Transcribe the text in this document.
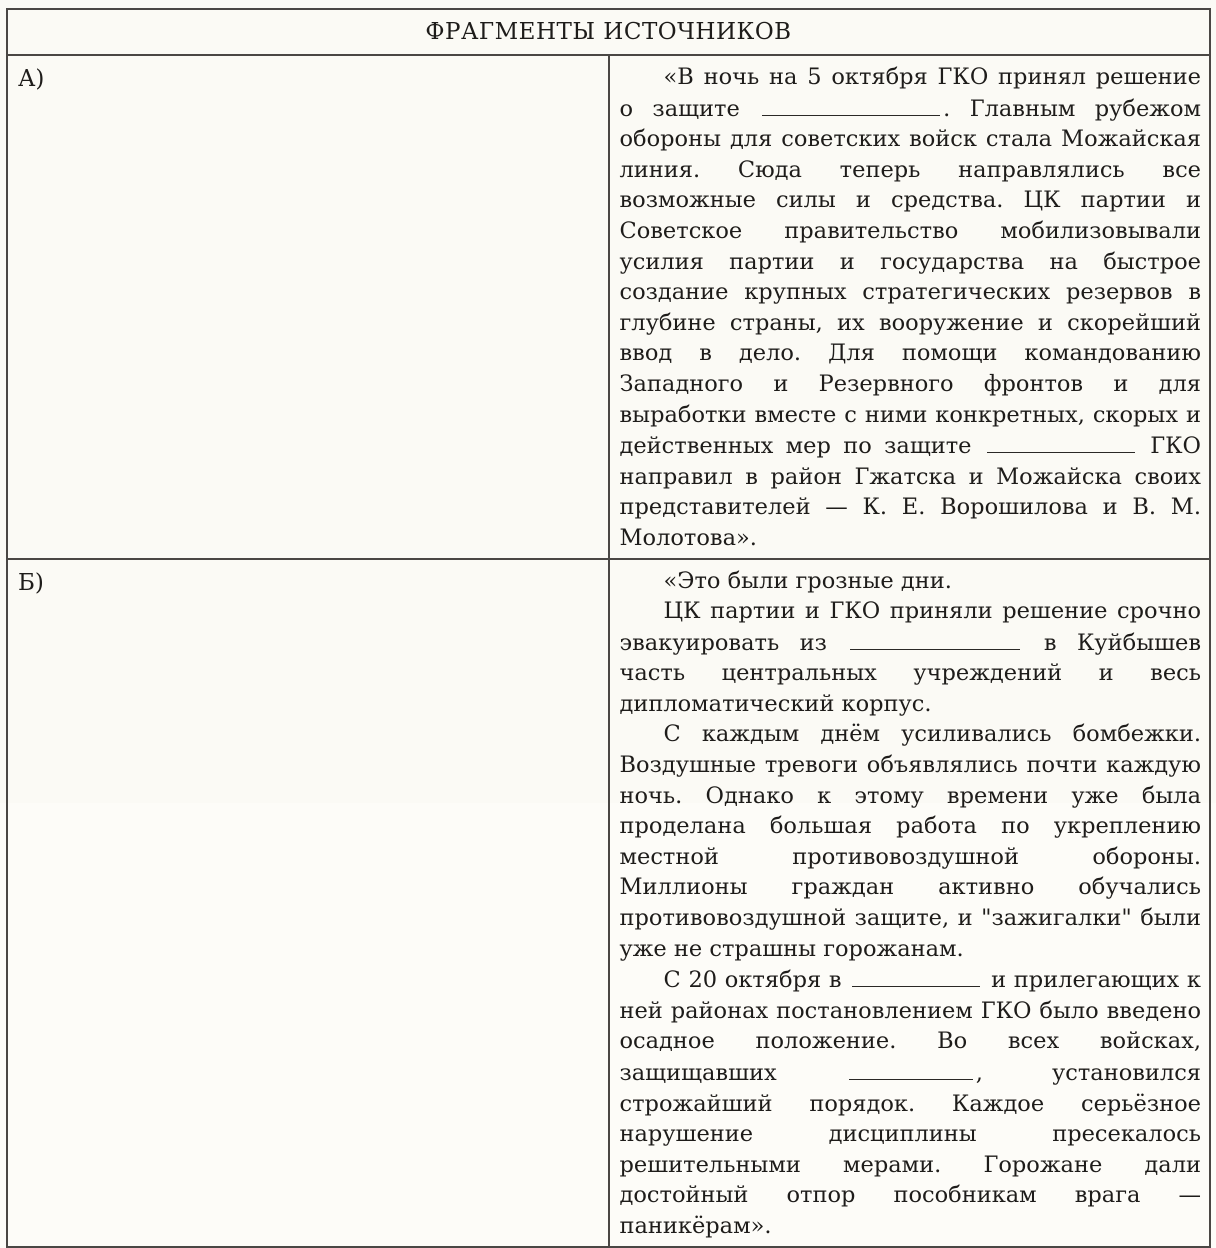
ФРАГМЕНТЫ ИСТОЧНИКОВ	
А)	«В ночь на 5 октября ГКО принял решение о защите . Главным рубежом обороны для советских войск стала Можайская линия. Сюда теперь направлялись все возможные силы и средства. ЦК партии и Советское правительство мобилизовывали усилия партии и государства на быстрое создание крупных стратегических резервов в глубине страны, их вооружение и скорейший ввод в дело. Для помощи командованию Западного и Резервного фронтов и для выработки вместе с ними конкретных, скорых и действенных мер по защите ГКО направил в район Гжатска и Можайска своих представителей — К. Е. Ворошилова и В. М. Молотова».

Б)	«Это были грозные дни.

ЦК партии и ГКО приняли решение срочно эвакуировать из в Куйбышев часть центральных учреждений и весь дипломатический корпус.

С каждым днём усиливались бомбежки. Воздушные тревоги объявлялись почти каждую ночь. Однако к этому времени уже была проделана большая работа по укреплению местной противовоздушной обороны. Миллионы граждан активно обучались противовоздушной защите, и "зажигалки" были уже не страшны горожанам.

С 20 октября в и прилегающих к ней районах постановлением ГКО было введено осадное положение. Во всех войсках, защищавших , установился строжайший порядок. Каждое серьёзное нарушение дисциплины пресекалось решительными мерами. Горожане дали достойный отпор пособникам врага — паникёрам».
